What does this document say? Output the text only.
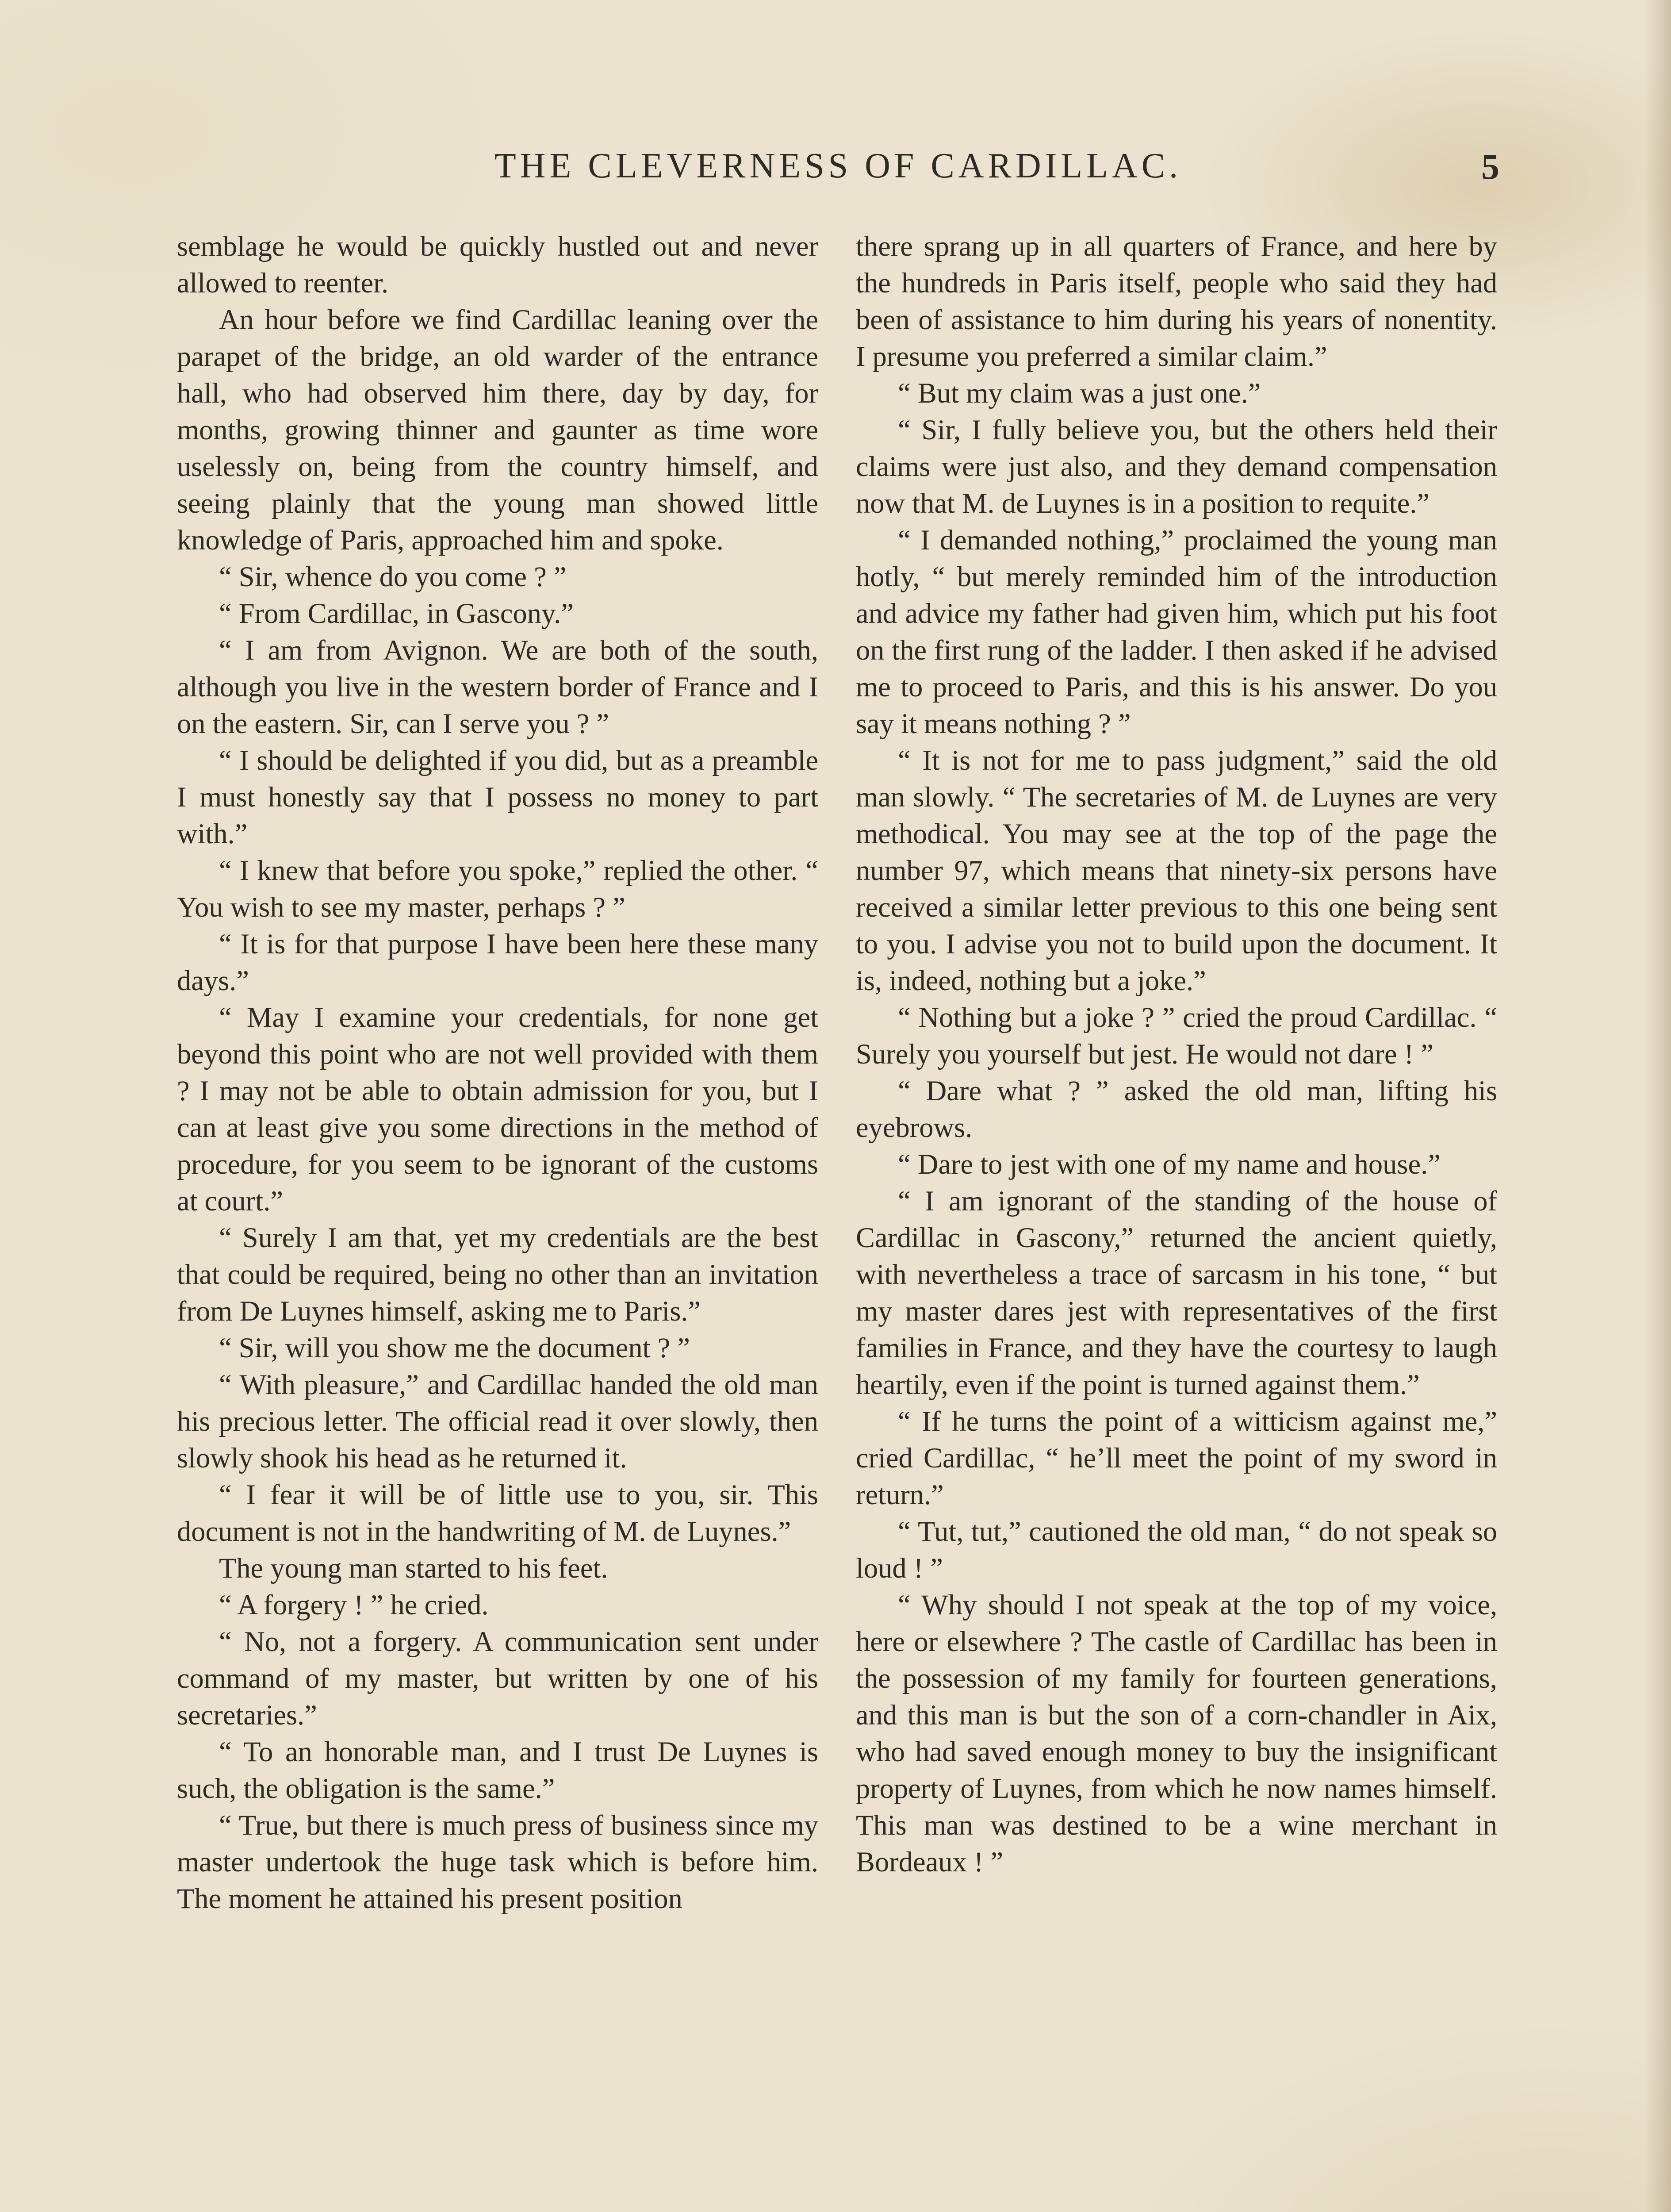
THE CLEVERNESS OF CARDILLAC.	5

semblage he would be quickly hustled out and never allowed to reenter.

An hour before we find Cardillac leaning over the parapet of the bridge, an old warder of the entrance hall, who had observed him there, day by day, for months, growing thinner and gaunter as time wore uselessly on, being from the country himself, and seeing plainly that the young man showed little knowledge of Paris, approached him and spoke.

“ Sir, whence do you come ? ”

“ From Cardillac, in Gascony.”

“ I am from Avignon. We are both of the south, although you live in the western border of France and I on the eastern. Sir, can I serve you ? ”

“ I should be delighted if you did, but as a preamble I must honestly say that I possess no money to part with.”

“ I knew that before you spoke,” replied the other. “ You wish to see my master, perhaps ? ”

“ It is for that purpose I have been here these many days.”

“ May I examine your credentials, for none get beyond this point who are not well provided with them ? I may not be able to obtain admission for you, but I can at least give you some directions in the method of procedure, for you seem to be ignorant of the customs at court.”

“ Surely I am that, yet my credentials are the best that could be required, being no other than an invitation from De Luynes himself, asking me to Paris.”

“ Sir, will you show me the document ? ”

“ With pleasure,” and Cardillac handed the old man his precious letter. The official read it over slowly, then slowly shook his head as he returned it.

“ I fear it will be of little use to you, sir. This document is not in the handwriting of M. de Luynes.”

The young man started to his feet.

“ A forgery ! ” he cried.

“ No, not a forgery. A communication sent under command of my master, but written by one of his secretaries.”

“ To an honorable man, and I trust De Luynes is such, the obligation is the same.”

“ True, but there is much press of business since my master undertook the huge task which is before him. The moment he attained his present position

there sprang up in all quarters of France, and here by the hundreds in Paris itself, people who said they had been of assistance to him during his years of nonentity. I presume you preferred a similar claim.”

“ But my claim was a just one.”

“ Sir, I fully believe you, but the others held their claims were just also, and they demand compensation now that M. de Luynes is in a position to requite.”

“ I demanded nothing,” proclaimed the young man hotly, “ but merely reminded him of the introduction and advice my father had given him, which put his foot on the first rung of the ladder. I then asked if he advised me to proceed to Paris, and this is his answer. Do you say it means nothing ? ”

“ It is not for me to pass judgment,” said the old man slowly. “ The secretaries of M. de Luynes are very methodical. You may see at the top of the page the number 97, which means that ninety-six persons have received a similar letter previous to this one being sent to you. I advise you not to build upon the document. It is, indeed, nothing but a joke.”

“ Nothing but a joke ? ” cried the proud Cardillac. “ Surely you yourself but jest. He would not dare ! ”

“ Dare what ? ” asked the old man, lifting his eyebrows.

“ Dare to jest with one of my name and house.”

“ I am ignorant of the standing of the house of Cardillac in Gascony,” returned the ancient quietly, with nevertheless a trace of sarcasm in his tone, “ but my master dares jest with representatives of the first families in France, and they have the courtesy to laugh heartily, even if the point is turned against them.”

“ If he turns the point of a witticism against me,” cried Cardillac, “ he’ll meet the point of my sword in return.”

“ Tut, tut,” cautioned the old man, “ do not speak so loud ! ”

“ Why should I not speak at the top of my voice, here or elsewhere ? The castle of Cardillac has been in the possession of my family for fourteen generations, and this man is but the son of a corn-chandler in Aix, who had saved enough money to buy the insignificant property of Luynes, from which he now names himself. This man was destined to be a wine merchant in Bordeaux ! ”
